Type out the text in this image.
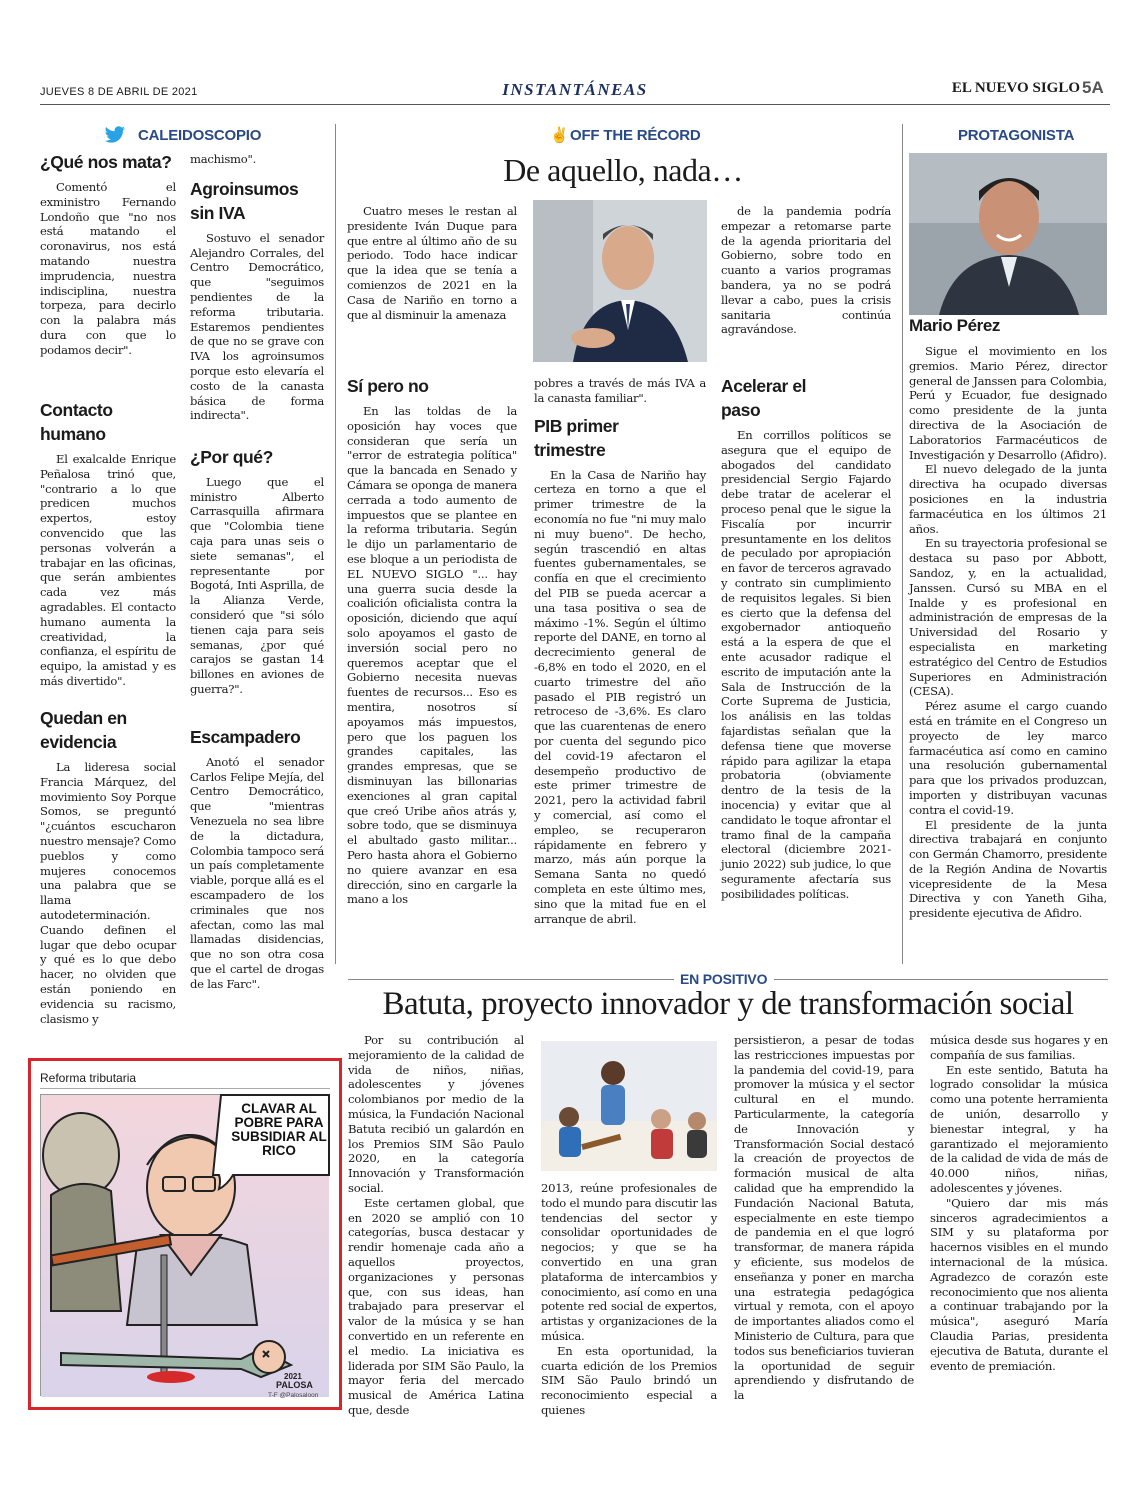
JUEVES 8 DE ABRIL DE 2021	INSTANTÁNEAS	EL NUEVO SIGLO 5A
CALEIDOSCOPIO
¿Qué nos mata?

Comentó el exministro Fernando Londoño que "no nos está matando el coronavirus, nos está matando nuestra imprudencia, nuestra indisciplina, nuestra torpeza, para decirlo con la palabra más dura con que lo podamos decir".

Contacto humano

El exalcalde Enrique Peñalosa trinó que, "contrario a lo que predicen muchos expertos, estoy convencido que las personas volverán a trabajar en las oficinas, que serán ambientes cada vez más agradables. El contacto humano aumenta la creatividad, la confianza, el espíritu de equipo, la amistad y es más divertido".

Quedan en evidencia

La lideresa social Francia Márquez, del movimiento Soy Porque Somos, se preguntó "¿cuántos escucharon nuestro mensaje? Como pueblos y como mujeres conocemos una palabra que se llama autodeterminación. Cuando definen el lugar que debo ocupar y qué es lo que debo hacer, no olviden que están poniendo en evidencia su racismo, clasismo y

machismo".
Agroinsumos sin IVA

Sostuvo el senador Alejandro Corrales, del Centro Democrático, que "seguimos pendientes de la reforma tributaria. Estaremos pendientes de que no se grave con IVA los agroinsumos porque esto elevaría el costo de la canasta básica de forma indirecta".

¿Por qué?

Luego que el ministro Alberto Carrasquilla afirmara que "Colombia tiene caja para unas seis o siete semanas", el representante por Bogotá, Inti Asprilla, de la Alianza Verde, consideró que "si sólo tienen caja para seis semanas, ¿por qué carajos se gastan 14 billones en aviones de guerra?".

Escampadero

Anotó el senador Carlos Felipe Mejía, del Centro Democrático, que "mientras Venezuela no sea libre de la dictadura, Colombia tampoco será un país completamente viable, porque allá es el escampadero de los criminales que nos afectan, como las mal llamadas disidencias, que no son otra cosa que el cartel de drogas de las Farc".

✌ OFF THE RÉCORD
De aquello, nada…

Cuatro meses le restan al presidente Iván Duque para que entre al último año de su periodo. Todo hace indicar que la idea que se tenía a comienzos de 2021 en la Casa de Nariño en torno a que al disminuir la amenaza

de la pandemia podría empezar a retomarse parte de la agenda prioritaria del Gobierno, sobre todo en cuanto a varios programas bandera, ya no se podrá llevar a cabo, pues la crisis sanitaria continúa agravándose.

Sí pero no

En las toldas de la oposición hay voces que consideran que sería un "error de estrategia política" que la bancada en Senado y Cámara se oponga de manera cerrada a todo aumento de impuestos que se plantee en la reforma tributaria. Según le dijo un parlamentario de ese bloque a un periodista de EL NUEVO SIGLO "... hay una guerra sucia desde la coalición oficialista contra la oposición, diciendo que aquí solo apoyamos el gasto de inversión social pero no queremos aceptar que el Gobierno necesita nuevas fuentes de recursos... Eso es mentira, nosotros sí apoyamos más impuestos, pero que los paguen los grandes capitales, las grandes empresas, que se disminuyan las billonarias exenciones al gran capital que creó Uribe años atrás y, sobre todo, que se disminuya el abultado gasto militar... Pero hasta ahora el Gobierno no quiere avanzar en esa dirección, sino en cargarle la mano a los

pobres a través de más IVA a la canasta familiar".
PIB primer trimestre

En la Casa de Nariño hay certeza en torno a que el primer trimestre de la economía no fue "ni muy malo ni muy bueno". De hecho, según trascendió en altas fuentes gubernamentales, se confía en que el crecimiento del PIB se pueda acercar a una tasa positiva o sea de máximo -1%. Según el último reporte del DANE, en torno al decrecimiento general de -6,8% en todo el 2020, en el cuarto trimestre del año pasado el PIB registró un retroceso de -3,6%. Es claro que las cuarentenas de enero por cuenta del segundo pico del covid-19 afectaron el desempeño productivo de este primer trimestre de 2021, pero la actividad fabril y comercial, así como el empleo, se recuperaron rápidamente en febrero y marzo, más aún porque la Semana Santa no quedó completa en este último mes, sino que la mitad fue en el arranque de abril.

Acelerar el paso

En corrillos políticos se asegura que el equipo de abogados del candidato presidencial Sergio Fajardo debe tratar de acelerar el proceso penal que le sigue la Fiscalía por incurrir presuntamente en los delitos de peculado por apropiación en favor de terceros agravado y contrato sin cumplimiento de requisitos legales. Si bien es cierto que la defensa del exgobernador antioqueño está a la espera de que el ente acusador radique el escrito de imputación ante la Sala de Instrucción de la Corte Suprema de Justicia, los análisis en las toldas fajardistas señalan que la defensa tiene que moverse rápido para agilizar la etapa probatoria (obviamente dentro de la tesis de la inocencia) y evitar que al candidato le toque afrontar el tramo final de la campaña electoral (diciembre 2021-junio 2022) sub judice, lo que seguramente afectaría sus posibilidades políticas.

PROTAGONISTA
Mario Pérez

Sigue el movimiento en los gremios. Mario Pérez, director general de Janssen para Colombia, Perú y Ecuador, fue designado como presidente de la junta directiva de la Asociación de Laboratorios Farmacéuticos de Investigación y Desarrollo (Afidro).

El nuevo delegado de la junta directiva ha ocupado diversas posiciones en la industria farmacéutica en los últimos 21 años.

En su trayectoria profesional se destaca su paso por Abbott, Sandoz, y, en la actualidad, Janssen. Cursó su MBA en el Inalde y es profesional en administración de empresas de la Universidad del Rosario y especialista en marketing estratégico del Centro de Estudios Superiores en Administración (CESA).

Pérez asume el cargo cuando está en trámite en el Congreso un proyecto de ley marco farmacéutica así como en camino una resolución gubernamental para que los privados produzcan, importen y distribuyan vacunas contra el covid-19.

El presidente de la junta directiva trabajará en conjunto con Germán Chamorro, presidente de la Región Andina de Novartis vicepresidente de la Mesa Directiva y con Yaneth Giha, presidente ejecutiva de Afidro.

EN POSITIVO
Batuta, proyecto innovador y de transformación social

Por su contribución al mejoramiento de la calidad de vida de niños, niñas, adolescentes y jóvenes colombianos por medio de la música, la Fundación Nacional Batuta recibió un galardón en los Premios SIM São Paulo 2020, en la categoría Innovación y Transformación social.

Este certamen global, que en 2020 se amplió con 10 categorías, busca destacar y rendir homenaje cada año a aquellos proyectos, organizaciones y personas que, con sus ideas, han trabajado para preservar el valor de la música y se han convertido en un referente en el medio. La iniciativa es liderada por SIM São Paulo, la mayor feria del mercado musical de América Latina que, desde

2013, reúne profesionales de todo el mundo para discutir las tendencias del sector y consolidar oportunidades de negocios; y que se ha convertido en una gran plataforma de intercambios y conocimiento, así como en una potente red social de expertos, artistas y organizaciones de la música.

En esta oportunidad, la cuarta edición de los Premios SIM São Paulo brindó un reconocimiento especial a quienes

persistieron, a pesar de todas las restricciones impuestas por la pandemia del covid-19, para promover la música y el sector cultural en el mundo. Particularmente, la categoría de Innovación y Transformación Social destacó la creación de proyectos de formación musical de alta calidad que ha emprendido la Fundación Nacional Batuta, especialmente en este tiempo de pandemia en el que logró transformar, de manera rápida y eficiente, sus modelos de enseñanza y poner en marcha una estrategia pedagógica virtual y remota, con el apoyo de importantes aliados como el Ministerio de Cultura, para que todos sus beneficiarios tuvieran la oportunidad de seguir aprendiendo y disfrutando de la

música desde sus hogares y en compañía de sus familias.

En este sentido, Batuta ha logrado consolidar la música como una potente herramienta de unión, desarrollo y bienestar integral, y ha garantizado el mejoramiento de la calidad de vida de más de 40.000 niños, niñas, adolescentes y jóvenes.

"Quiero dar mis más sinceros agradecimientos a SIM y su plataforma por hacernos visibles en el mundo internacional de la música. Agradezco de corazón este reconocimiento que nos alienta a continuar trabajando por la música", aseguró María Claudia Parias, presidenta ejecutiva de Batuta, durante el evento de premiación.

Reforma tributaria
CLAVAR AL POBRE PARA SUBSIDIAR AL RICO
2021
PALOSA
T-F @Palosaloon
